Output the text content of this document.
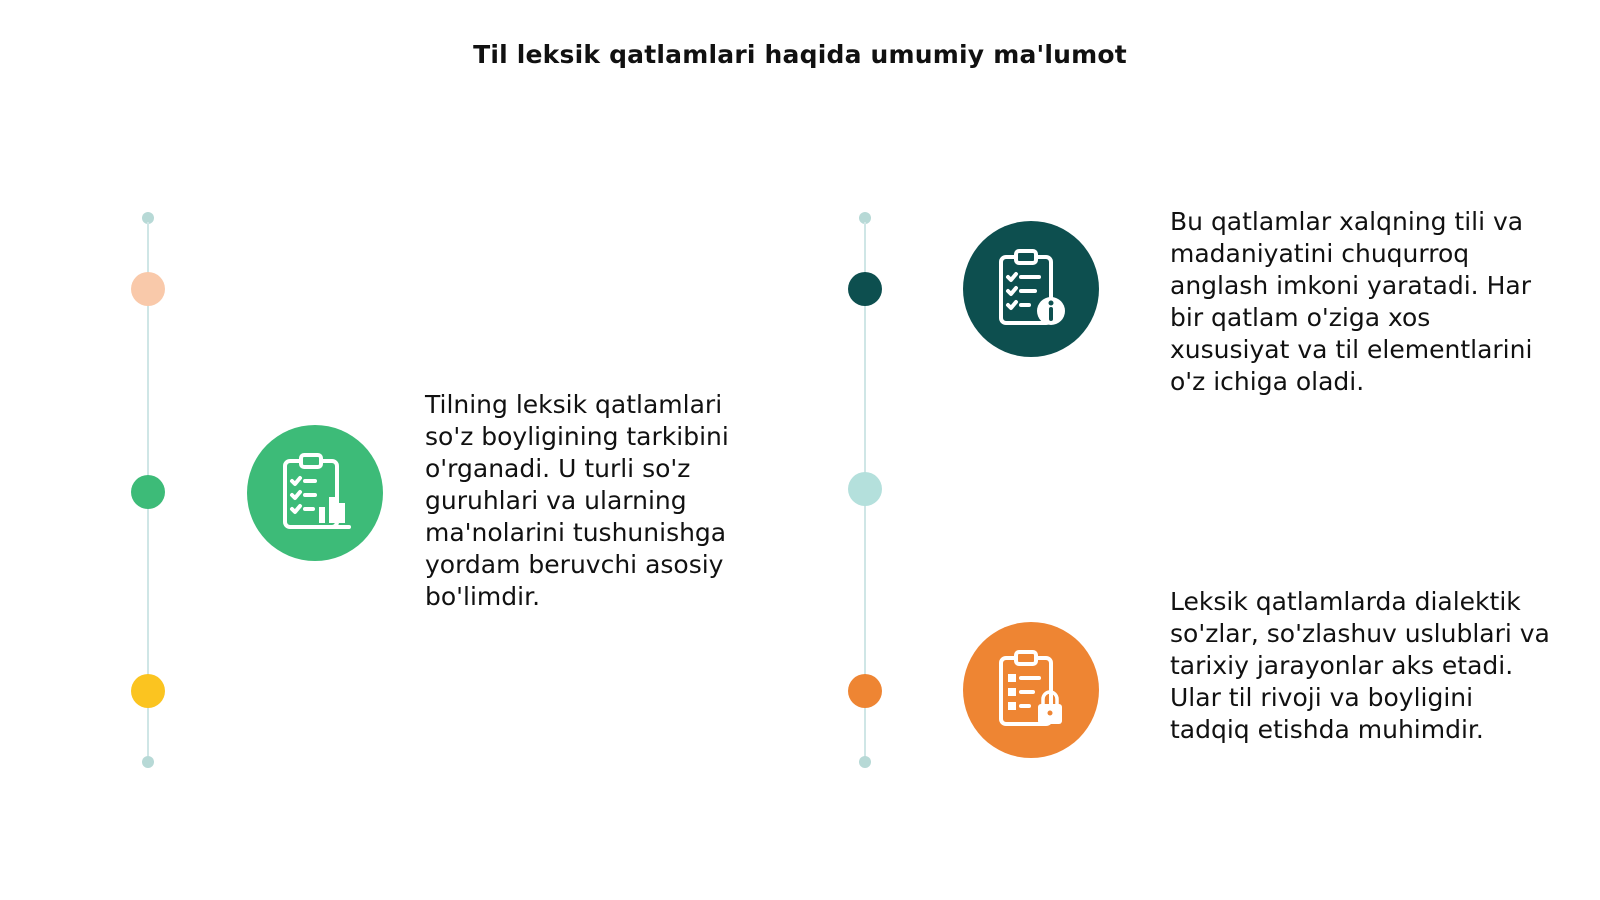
Til leksik qatlamlari haqida umumiy ma'lumot
Tilning leksik qatlamlari so'z boyligining tarkibini o'rganadi. U turli so'z guruhlari va ularning ma'nolarini tushunishga yordam beruvchi asosiy bo'limdir.
Bu qatlamlar xalqning tili va madaniyatini chuqurroq anglash imkoni yaratadi. Har bir qatlam o'ziga xos xususiyat va til elementlarini o'z ichiga oladi.
Leksik qatlamlarda dialektik so'zlar, so'zlashuv uslublari va tarixiy jarayonlar aks etadi. Ular til rivoji va boyligini tadqiq etishda muhimdir.
